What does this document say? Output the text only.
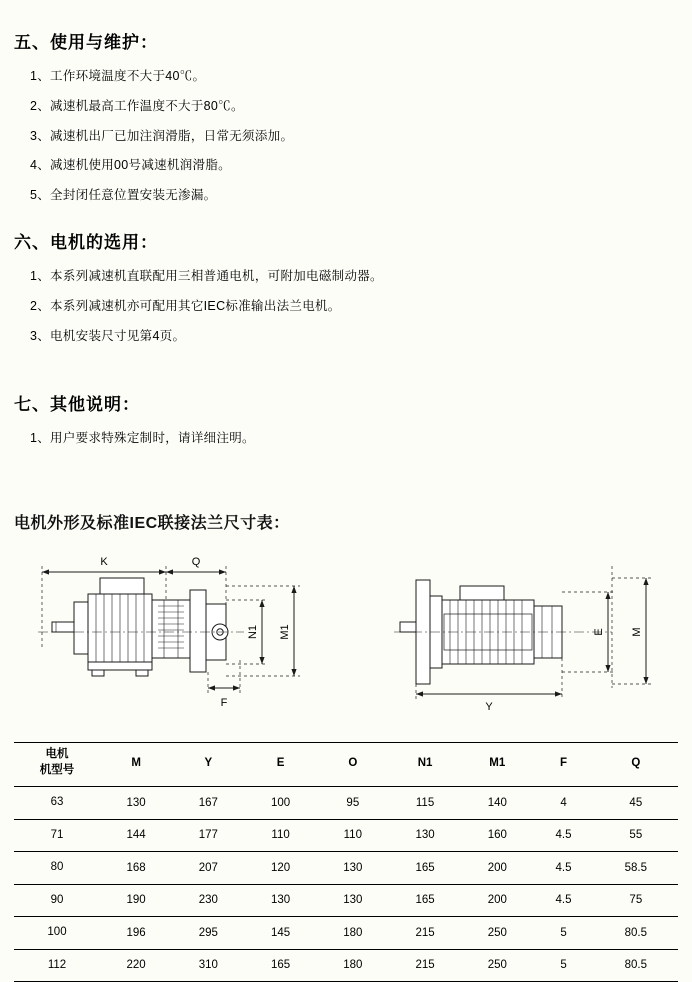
五、使用与维护：
1、工作环境温度不大于40℃。
2、减速机最高工作温度不大于80℃。
3、减速机出厂已加注润滑脂，日常无须添加。
4、减速机使用00号减速机润滑脂。
5、全封闭任意位置安装无渗漏。
六、电机的选用：
1、本系列减速机直联配用三相普通电机，可附加电磁制动器。
2、本系列减速机亦可配用其它IEC标准输出法兰电机。
3、电机安装尺寸见第4页。
七、其他说明：
1、用户要求特殊定制时，请详细注明。
电机外形及标准IEC联接法兰尺寸表：
K	Q
N1 M1
F
E M
Y
电机
机型号	M	Y	E	O	N1	M1	F	Q
63	130	167	100	95	115	140	4	45
71	144	177	110	110	130	160	4.5	55
80	168	207	120	130	165	200	4.5	58.5
90	190	230	130	130	165	200	4.5	75
100	196	295	145	180	215	250	5	80.5
112	220	310	165	180	215	250	5	80.5
